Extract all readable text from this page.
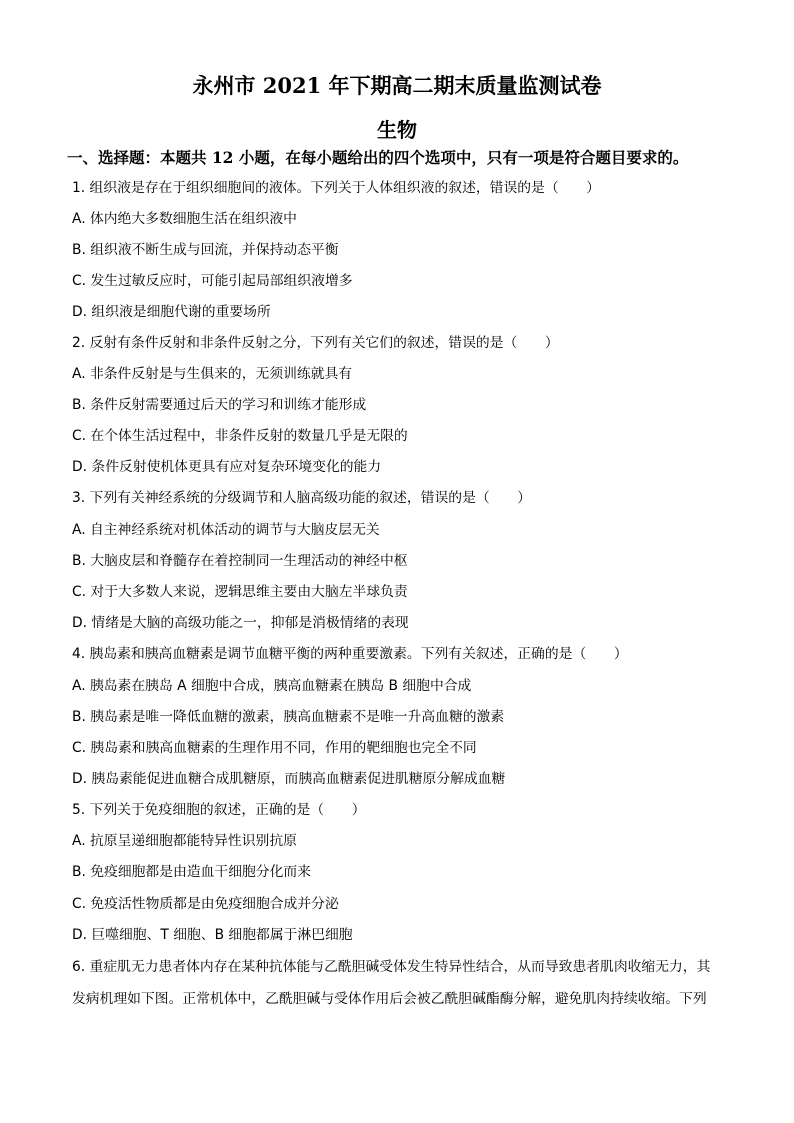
永州市 2021 年下期高二期末质量监测试卷
生物
一、选择题：本题共 12 小题，在每小题给出的四个选项中，只有一项是符合题目要求的。
1. 组织液是存在于组织细胞间的液体。下列关于人体组织液的叙述，错误的是（　　）
A. 体内绝大多数细胞生活在组织液中
B. 组织液不断生成与回流，并保持动态平衡
C. 发生过敏反应时，可能引起局部组织液增多
D. 组织液是细胞代谢的重要场所
2. 反射有条件反射和非条件反射之分，下列有关它们的叙述，错误的是（　　）
A. 非条件反射是与生俱来的，无须训练就具有
B. 条件反射需要通过后天的学习和训练才能形成
C. 在个体生活过程中，非条件反射的数量几乎是无限的
D. 条件反射使机体更具有应对复杂环境变化的能力
3. 下列有关神经系统的分级调节和人脑高级功能的叙述，错误的是（　　）
A. 自主神经系统对机体活动的调节与大脑皮层无关
B. 大脑皮层和脊髓存在着控制同一生理活动的神经中枢
C. 对于大多数人来说，逻辑思维主要由大脑左半球负责
D. 情绪是大脑的高级功能之一，抑郁是消极情绪的表现
4. 胰岛素和胰高血糖素是调节血糖平衡的两种重要激素。下列有关叙述，正确的是（　　）
A. 胰岛素在胰岛 A 细胞中合成，胰高血糖素在胰岛 B 细胞中合成
B. 胰岛素是唯一降低血糖的激素，胰高血糖素不是唯一升高血糖的激素
C. 胰岛素和胰高血糖素的生理作用不同，作用的靶细胞也完全不同
D. 胰岛素能促进血糖合成肌糖原，而胰高血糖素促进肌糖原分解成血糖
5. 下列关于免疫细胞的叙述，正确的是（　　）
A. 抗原呈递细胞都能特异性识别抗原
B. 免疫细胞都是由造血干细胞分化而来
C. 免疫活性物质都是由免疫细胞合成并分泌
D. 巨噬细胞、T 细胞、B 细胞都属于淋巴细胞
6. 重症肌无力患者体内存在某种抗体能与乙酰胆碱受体发生特异性结合，从而导致患者肌肉收缩无力，其
发病机理如下图。正常机体中，乙酰胆碱与受体作用后会被乙酰胆碱酯酶分解，避免肌肉持续收缩。下列
